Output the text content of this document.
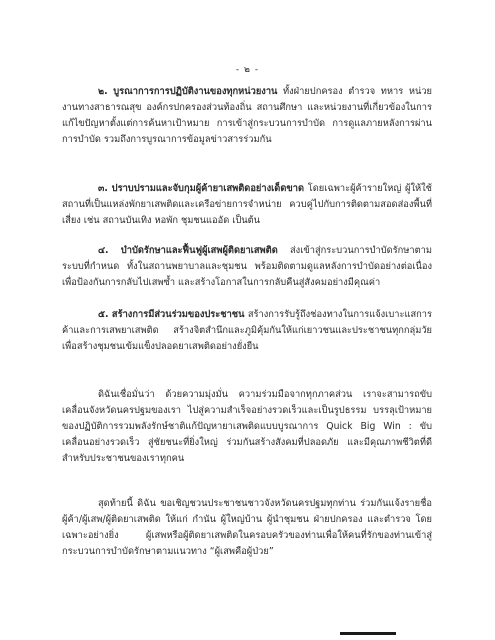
- ๒ -
๒. บูรณาการการปฏิบัติงานของทุกหน่วยงาน ทั้งฝ่ายปกครอง ตำรวจ ทหาร หน่วยงานทางสาธารณสุข องค์กรปกครองส่วนท้องถิ่น สถานศึกษา และหน่วยงานที่เกี่ยวข้องในการแก้ไขปัญหาตั้งแต่การค้นหาเป้าหมาย การเข้าสู่กระบวนการบำบัด การดูแลภายหลังการผ่านการบำบัด รวมถึงการบูรณาการข้อมูลข่าวสารร่วมกัน
๓. ปราบปรามและจับกุมผู้ค้ายาเสพติดอย่างเด็ดขาด โดยเฉพาะผู้ค้ารายใหญ่ ผู้ให้ใช้สถานที่เป็นแหล่งพักยาเสพติดและเครือข่ายการจำหน่าย ควบคู่ไปกับการติดตามสอดส่องพื้นที่เสี่ยง เช่น สถานบันเทิง หอพัก ชุมชนแออัด เป็นต้น
๔. บำบัดรักษาและฟื้นฟูผู้เสพผู้ติดยาเสพติด ส่งเข้าสู่กระบวนการบำบัดรักษาตามระบบที่กำหนด ทั้งในสถานพยาบาลและชุมชน พร้อมติดตามดูแลหลังการบำบัดอย่างต่อเนื่อง เพื่อป้องกันการกลับไปเสพซ้ำ และสร้างโอกาสในการกลับคืนสู่สังคมอย่างมีคุณค่า
๕. สร้างการมีส่วนร่วมของประชาชน สร้างการรับรู้ถึงช่องทางในการแจ้งเบาะแสการค้าและการเสพยาเสพติด สร้างจิตสำนึกและภูมิคุ้มกันให้แก่เยาวชนและประชาชนทุกกลุ่มวัย เพื่อสร้างชุมชนเข้มแข็งปลอดยาเสพติดอย่างยั่งยืน
ดิฉันเชื่อมั่นว่า ด้วยความมุ่งมั่น ความร่วมมือจากทุกภาคส่วน เราจะสามารถขับเคลื่อนจังหวัดนครปฐมของเรา ไปสู่ความสำเร็จอย่างรวดเร็วและเป็นรูปธรรม บรรลุเป้าหมายของปฏิบัติการรวมพลังรักษ์ชาติแก้ปัญหายาเสพติดแบบบูรณาการ Quick Big Win : ขับเคลื่อนอย่างรวดเร็ว สู่ชัยชนะที่ยิ่งใหญ่ ร่วมกันสร้างสังคมที่ปลอดภัย และมีคุณภาพชีวิตที่ดีสำหรับประชาชนของเราทุกคน
สุดท้ายนี้ ดิฉัน ขอเชิญชวนประชาชนชาวจังหวัดนครปฐมทุกท่าน ร่วมกันแจ้งรายชื่อผู้ค้า/ผู้เสพ/ผู้ติดยาเสพติด ให้แก่ กำนัน ผู้ใหญ่บ้าน ผู้นำชุมชน ฝ่ายปกครอง และตำรวจ โดยเฉพาะอย่างยิ่ง ผู้เสพหรือผู้ติดยาเสพติดในครอบครัวของท่านเพื่อให้คนที่รักของท่านเข้าสู่กระบวนการบำบัดรักษาตามแนวทาง “ผู้เสพคือผู้ป่วย”
